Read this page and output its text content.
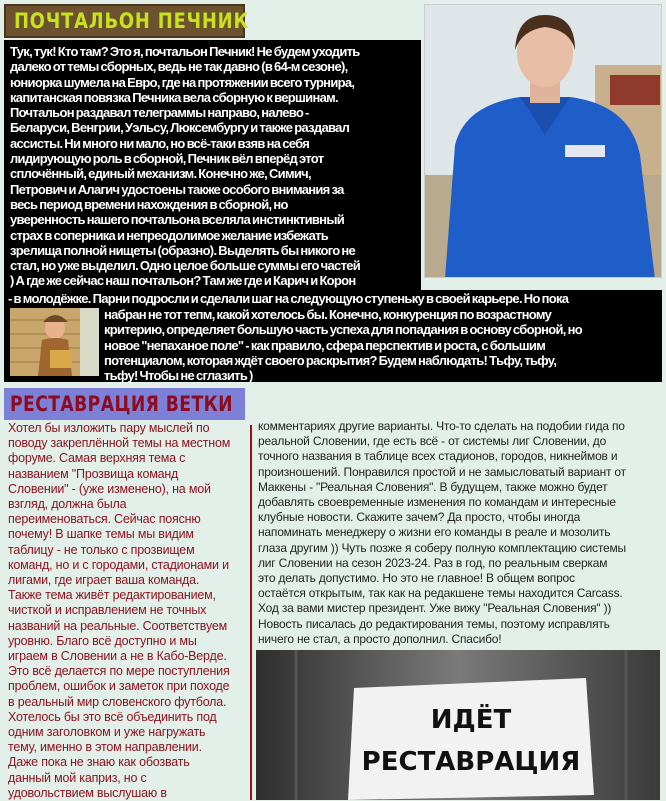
ПОЧТАЛЬОН ПЕЧНИК
Тук, тук! Кто там? Это я, почтальон Печник! Не будем уходить
далеко от темы сборных, ведь не так давно (в 64-м сезоне),
юниорка шумела на Евро, где на протяжении всего турнира,
капитанская повязка Печника вела сборную к вершинам.
Почтальон раздавал телеграммы направо, налево -
Беларуси, Венгрии, Уэльсу, Люксембургу и также раздавал
ассисты. Ни много ни мало, но всё-таки взяв на себя
лидирующую роль в сборной, Печник вёл вперёд этот
сплочённый, единый механизм. Конечно же, Симич,
Петрович и Алагич удостоены также особого внимания за
весь период времени нахождения в сборной, но
уверенность нашего почтальона вселяла инстинктивный
страх в соперника и непреодолимое желание избежать
зрелища полной нищеты (образно). Выделять бы никого не
стал, но уже выделил. Одно целое больше суммы его частей
) А где же сейчас наш почтальон? Там же где и Карич и Корон
- в молодёжке. Парни подросли и сделали шаг на следующую ступеньку в своей карьере. Но пока
набран не тот тепм, какой хотелось бы. Конечно, конкуренция по возрастному
критерию, определяет большую часть успеха для попадания в основу сборной, но
новое "непаханое поле" - как правило, сфера перспектив и роста, с большим
потенциалом, которая ждёт своего раскрытия? Будем наблюдать! Тьфу, тьфу,
тьфу! Чтобы не сглазить )
РЕСТАВРАЦИЯ ВЕТКИ
Хотел бы изложить пару мыслей по
поводу закреплённой темы на местном
форуме. Самая верхняя тема с
названием "Прозвища команд
Словении" - (уже изменено), на мой
взгляд, должна была
переименоваться. Сейчас поясню
почему! В шапке темы мы видим
таблицу - не только с прозвищем
команд, но и с городами, стадионами и
лигами, где играет ваша команда.
Также тема живёт редактированием,
чисткой и исправлением не точных
названий на реальные. Соответствуем
уровню. Благо всё доступно и мы
играем в Словении а не в Кабо-Верде.
Это всё делается по мере поступления
проблем, ошибок и заметок при походе
в реальный мир словенского футбола.
Хотелось бы это всё объединить под
одним заголовком и уже нагружать
тему, именно в этом направлении.
Даже пока не знаю как обозвать
данный мой каприз, но с
удовольствием выслушаю в
комментариях другие варианты. Что-то сделать на подобии гида по
реальной Словении, где есть всё - от системы лиг Словении, до
точного названия в таблице всех стадионов, городов, никнеймов и
произношений. Понравился простой и не замысловатый вариант от
Маккены - "Реальная Словения". В будущем, также можно будет
добавлять своевременные изменения по командам и интересные
клубные новости. Скажите зачем? Да просто, чтобы иногда
напоминать менеджеру о жизни его команды в реале и мозолить
глаза другим )) Чуть позже я соберу полную комплектацию системы
лиг Словении на сезон 2023-24. Раз в год, по реальным сверкам
это делать допустимо. Но это не главное! В общем вопрос
остаётся открытым, так как на редакшене темы находится Carcass.
Ход за вами мистер президент. Уже вижу "Реальная Словения" ))
Новость писалась до редактирования темы, поэтому исправлять
ничего не стал, а просто дополнил. Спасибо!
ИДЁТ
РЕСТАВРАЦИЯ
